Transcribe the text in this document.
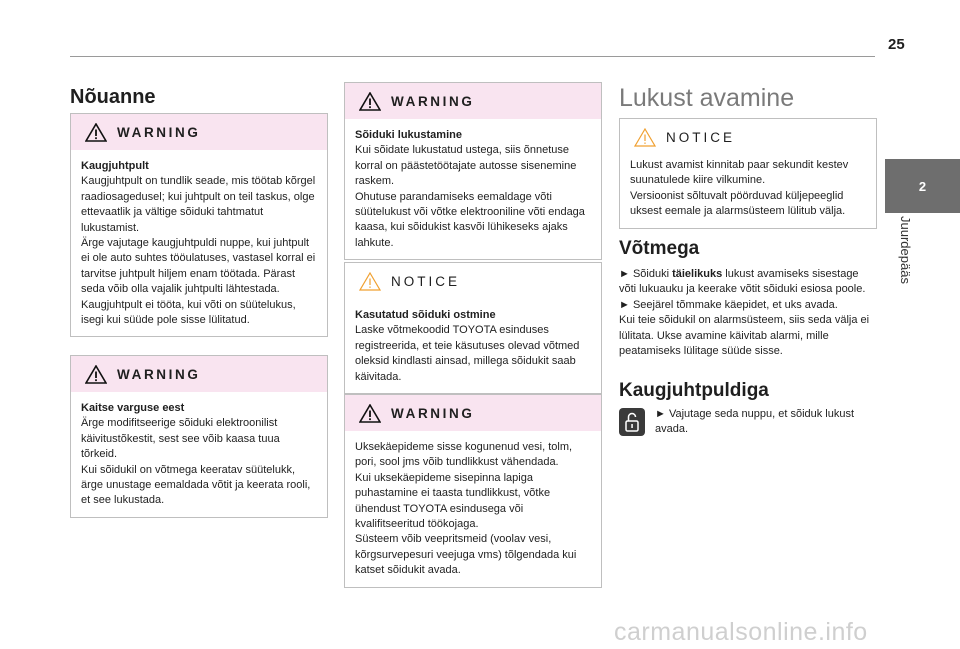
25
Nõuanne
WARNING

Kaugjuhtpult

Kaugjuhtpult on tundlik seade, mis töötab kõrgel raadiosagedusel; kui juhtpult on teil taskus, olge ettevaatlik ja vältige sõiduki tahtmatut lukustamist.

Ärge vajutage kaugjuhtpuldi nuppe, kui juhtpult ei ole auto suhtes tööulatuses, vastasel korral ei tarvitse juhtpult hiljem enam töötada. Pärast seda võib olla vajalik juhtpulti lähtestada.

Kaugjuhtpult ei tööta, kui võti on süütelukus, isegi kui süüde pole sisse lülitatud.

WARNING

Kaitse varguse eest

Ärge modifitseerige sõiduki elektroonilist käivitustõkestit, sest see võib kaasa tuua tõrkeid.

Kui sõidukil on võtmega keeratav süütelukk, ärge unustage eemaldada võtit ja keerata rooli, et see lukustada.

WARNING

Sõiduki lukustamine

Kui sõidate lukustatud ustega, siis õnnetuse korral on päästetöötajate autosse sisenemine raskem.

Ohutuse parandamiseks eemaldage võti süütelukust või võtke elektrooniline võti endaga kaasa, kui sõidukist kasvõi lühikeseks ajaks lahkute.

NOTICE

Kasutatud sõiduki ostmine

Laske võtmekoodid TOYOTA esinduses registreerida, et teie käsutuses olevad võtmed oleksid kindlasti ainsad, millega sõidukit saab käivitada.

WARNING

Uksekäepideme sisse kogunenud vesi, tolm, pori, sool jms võib tundlikkust vähendada.

Kui uksekäepideme sisepinna lapiga puhastamine ei taasta tundlikkust, võtke ühendust TOYOTA esindusega või kvalifitseeritud töökojaga.

Süsteem võib veepritsmeid (voolav vesi, kõrgsurvepesuri veejuga vms) tõlgendada kui katset sõidukit avada.

Lukust avamine
NOTICE

Lukust avamist kinnitab paar sekundit kestev suunatulede kiire vilkumine.

Versioonist sõltuvalt pöörduvad küljepeeglid uksest eemale ja alarmsüsteem lülitub välja.

Võtmega

► Sõiduki täielikuks lukust avamiseks sisestage võti lukuauku ja keerake võtit sõiduki esiosa poole.

► Seejärel tõmmake käepidet, et uks avada.

Kui teie sõidukil on alarmsüsteem, siis seda välja ei lülitata. Ukse avamine käivitab alarmi, mille peatamiseks lülitage süüde sisse.

Kaugjuhtpuldiga
► Vajutage seda nuppu, et sõiduk lukust avada.
2
Juurdepääs
carmanualsonline.info
